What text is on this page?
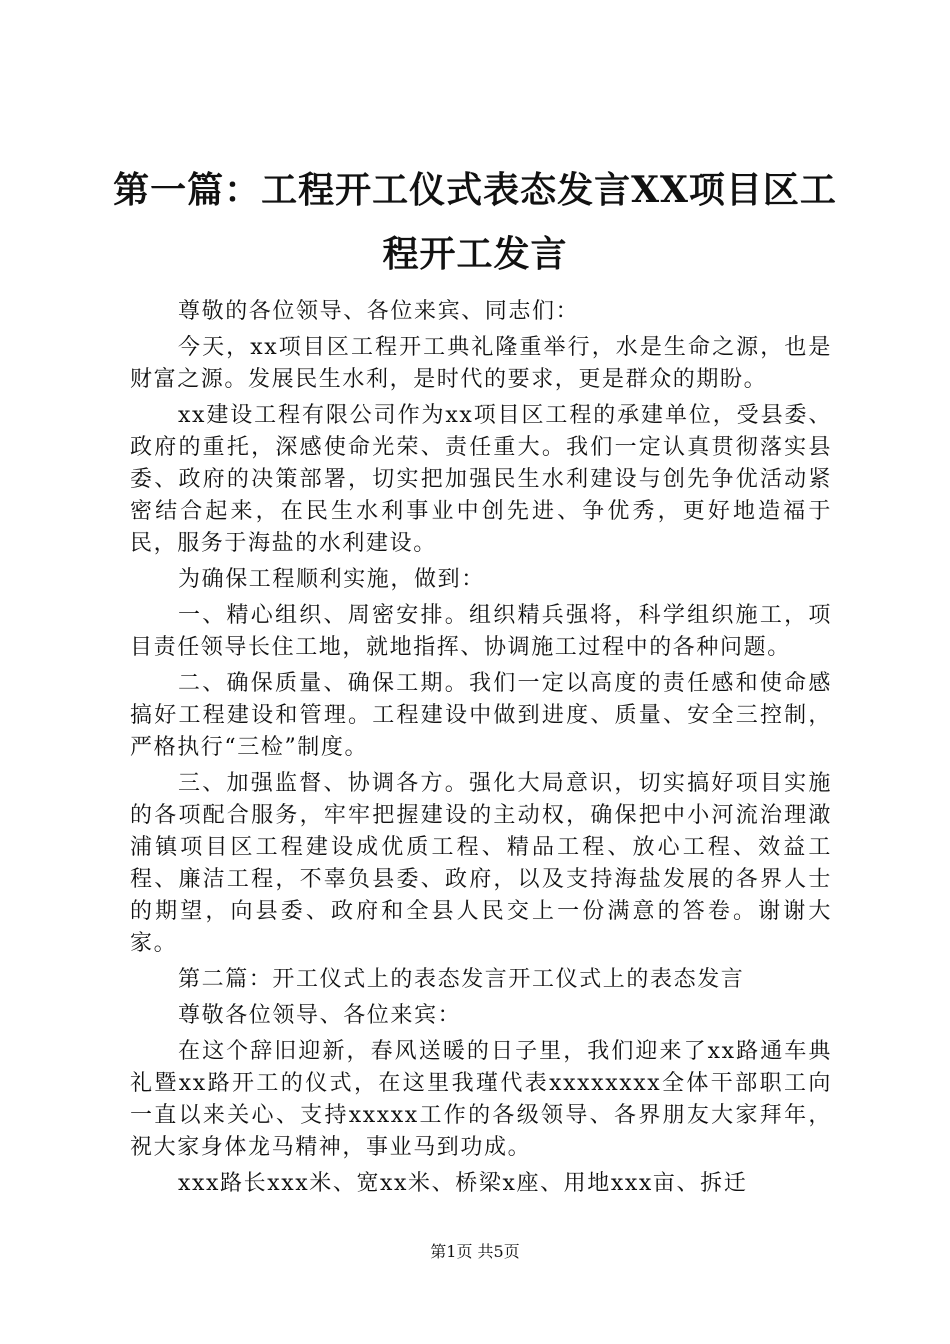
第一篇：工程开工仪式表态发言XX项目区工程开工发言

尊敬的各位领导、各位来宾、同志们：

今天，xx项目区工程开工典礼隆重举行，水是生命之源，也是财富之源。发展民生水利，是时代的要求，更是群众的期盼。

xx建设工程有限公司作为xx项目区工程的承建单位，受县委、政府的重托，深感使命光荣、责任重大。我们一定认真贯彻落实县委、政府的决策部署，切实把加强民生水利建设与创先争优活动紧密结合起来，在民生水利事业中创先进、争优秀，更好地造福于民，服务于海盐的水利建设。

为确保工程顺利实施，做到：

一、精心组织、周密安排。组织精兵强将，科学组织施工，项目责任领导长住工地，就地指挥、协调施工过程中的各种问题。

二、确保质量、确保工期。我们一定以高度的责任感和使命感搞好工程建设和管理。工程建设中做到进度、质量、安全三控制，严格执行“三检”制度。

三、加强监督、协调各方。强化大局意识，切实搞好项目实施的各项配合服务，牢牢把握建设的主动权，确保把中小河流治理澉浦镇项目区工程建设成优质工程、精品工程、放心工程、效益工程、廉洁工程，不辜负县委、政府，以及支持海盐发展的各界人士的期望，向县委、政府和全县人民交上一份满意的答卷。谢谢大家。

第二篇：开工仪式上的表态发言开工仪式上的表态发言

尊敬各位领导、各位来宾：

在这个辞旧迎新，春风送暖的日子里，我们迎来了xx路通车典礼暨xx路开工的仪式，在这里我瑾代表xxxxxxxx全体干部职工向一直以来关心、支持xxxxx工作的各级领导、各界朋友大家拜年，祝大家身体龙马精神，事业马到功成。

xxx路长xxx米、宽xx米、桥梁x座、用地xxx亩、拆迁

第1页 共5页
